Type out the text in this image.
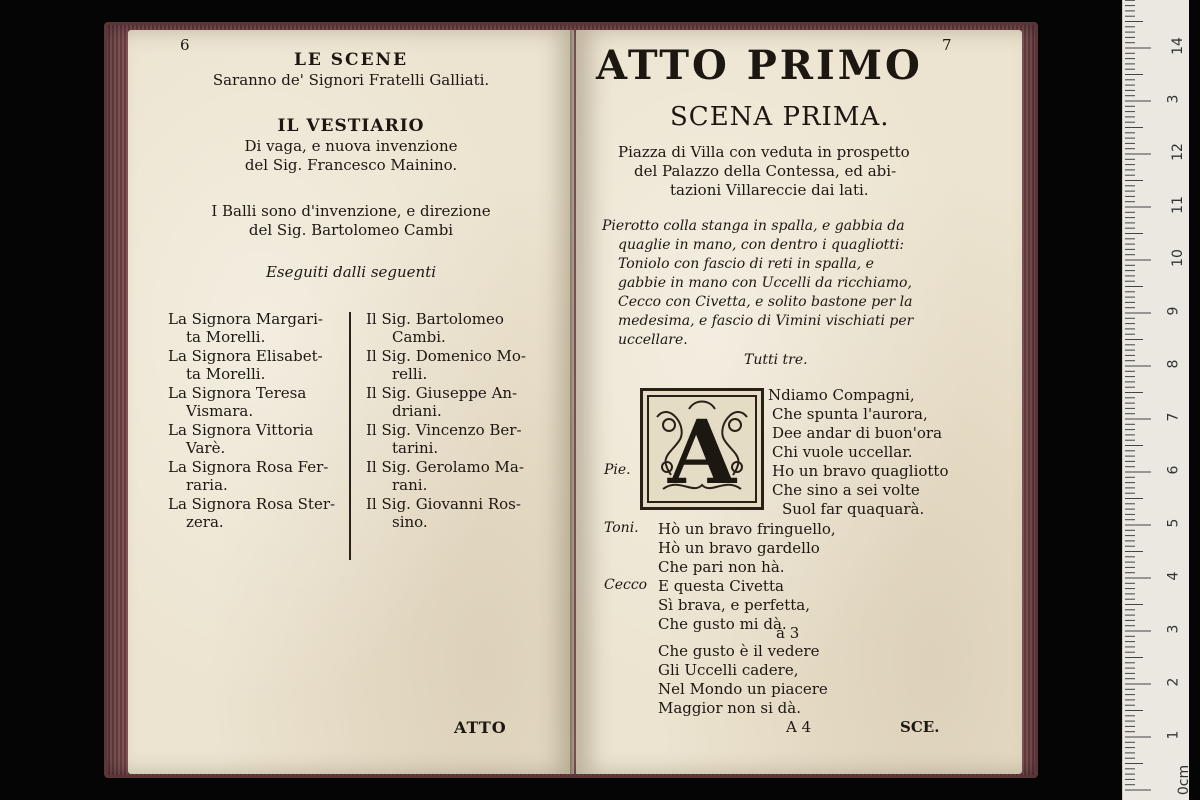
6
LE SCENE
Saranno de' Signori Fratelli Galliati.
IL VESTIARIO
Di vaga, e nuova invenzione
del Sig. Francesco Mainino.
I Balli sono d'invenzione, e direzione
del Sig. Bartolomeo Cambi
Eseguiti dalli seguenti
La Signora Margari-
ta Morelli.
Il Sig. Bartolomeo
Cambi.
La Signora Elisabet-
ta Morelli.
Il Sig. Domenico Mo-
relli.
La Signora Teresa
Vismara.
Il Sig. Giuseppe An-
driani.
La Signora Vittoria
Varè.
Il Sig. Vincenzo Ber-
tarini.
La Signora Rosa Fer-
raria.
Il Sig. Gerolamo Ma-
rani.
La Signora Rosa Ster-
zera.
Il Sig. Giovanni Ros-
sino.
ATTO
7
ATTO PRIMO
SCENA PRIMA.
Piazza di Villa con veduta in prospetto
del Palazzo della Contessa, ed abi-
tazioni Villareccie dai lati.
Pierotto colla stanga in spalla, e gabbia da
quaglie in mano, con dentro i quagliotti:
Toniolo con fascio di reti in spalla, e
gabbie in mano con Uccelli da ricchiamo,
Cecco con Civetta, e solito bastone per la
medesima, e fascio di Vimini vischiati per
uccellare.
Tutti tre.
A
Ndiamo Compagni,
Che spunta l'aurora,
Dee andar di buon'ora
Chi vuole uccellar.
Pie.	Ho un bravo quagliotto
Che sino a sei volte
Suol far quaquarà.
Toni. Hò un bravo fringuello,
Hò un bravo gardello
Che pari non hà.
Cecco E questa Civetta
Sì brava, e perfetta,
Che gusto mi dà.
a 3
Che gusto è il vedere
Gli Uccelli cadere,
Nel Mondo un piacere
Maggior non si dà.
A 4	SCE.
14
3
12
11
10
9
8
7
6
5
4
3
2
1
0cm
